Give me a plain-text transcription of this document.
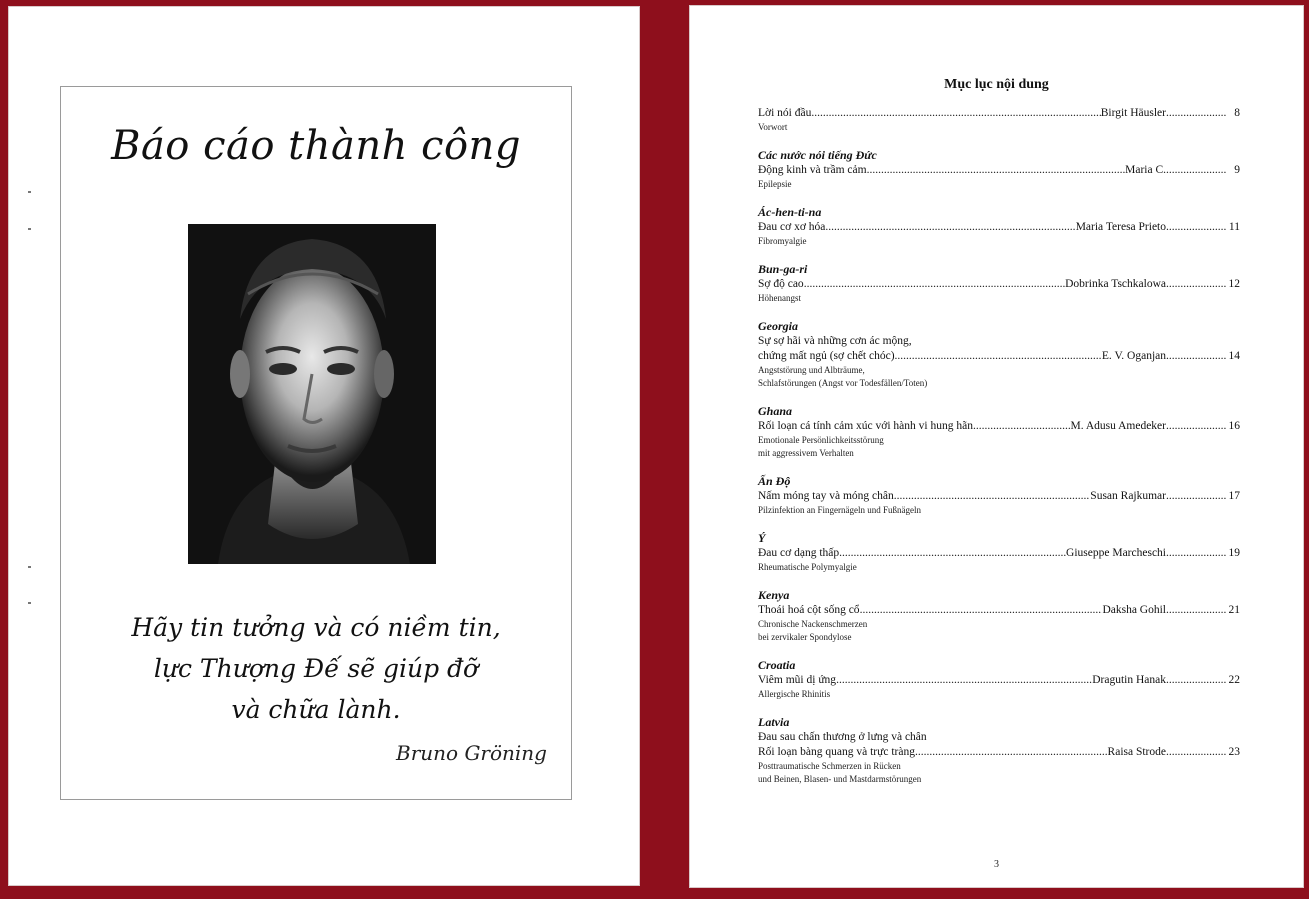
Báo cáo thành công
Hãy tin tưởng và có niềm tin,
lực Thượng Đế sẽ giúp đỡ
và chữa lành.
Bruno Gröning
Mục lục nội dung
Lời nói đầu .....	Birgit Häusler .....	8
Vorwort
Các nước nói tiếng Đức
Động kinh và trầm cảm .....	Maria C. .....	9
Epilepsie
Ác-hen-ti-na
Đau cơ xơ hóa .....	Maria Teresa Prieto .....	11
Fibromyalgie
Bun-ga-ri
Sợ độ cao .....	Dobrinka Tschkalowa .....	12
Höhenangst
Georgia
Sự sợ hãi và những cơn ác mộng,
chứng mất ngủ (sợ chết chóc) .....	E. V. Oganjan .....	14
Angststörung und Albträume,
Schlafstörungen (Angst vor Todesfällen/Toten)
Ghana
Rối loạn cá tính cảm xúc với hành vi hung hãn .....	M. Adusu Amedeker .....	16
Emotionale Persönlichkeitsstörung
mit aggressivem Verhalten
Ấn Độ
Nấm móng tay và móng chân .....	Susan Rajkumar .....	17
Pilzinfektion an Fingernägeln und Fußnägeln
Ý
Đau cơ dạng thấp .....	Giuseppe Marcheschi .....	19
Rheumatische Polymyalgie
Kenya
Thoái hoá cột sống cổ .....	Daksha Gohil .....	21
Chronische Nackenschmerzen
bei zervikaler Spondylose
Croatia
Viêm mũi dị ứng .....	Dragutin Hanak .....	22
Allergische Rhinitis
Latvia
Đau sau chấn thương ở lưng và chân
Rối loạn bàng quang và trực tràng .....	Raisa Strode .....	23
Posttraumatische Schmerzen in Rücken
und Beinen, Blasen- und Mastdarmstörungen
3
